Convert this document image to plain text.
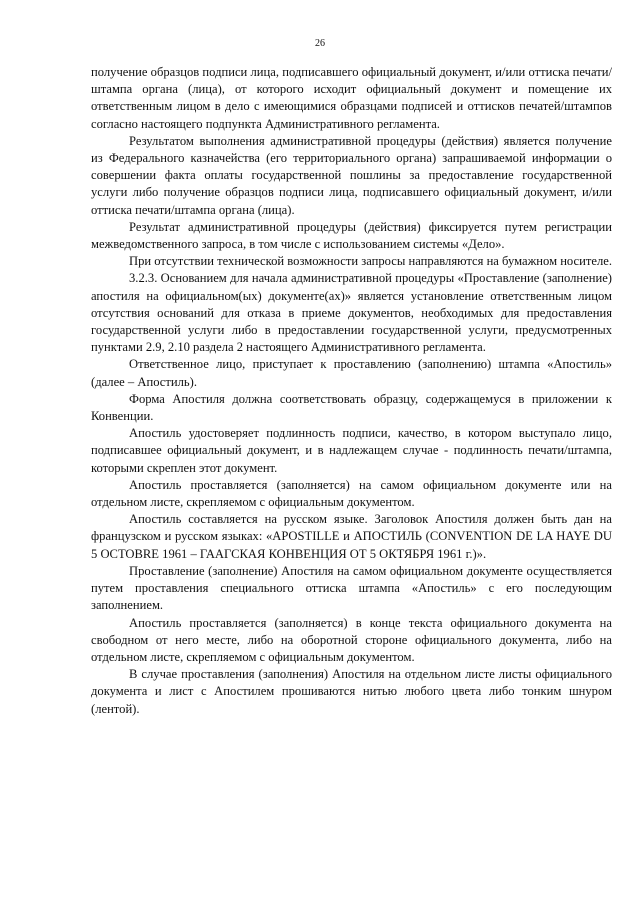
26

получение образцов подписи лица, подписавшего официальный документ, и/или оттиска печати/штампа органа (лица), от которого исходит официальный документ и помещение их ответственным лицом в дело с имеющимися образцами подписей и оттисков печатей/штампов согласно настоящего подпункта Административного регламента.

Результатом выполнения административной процедуры (действия) является получение из Федерального казначейства (его территориального органа) запрашиваемой информации о совершении факта оплаты государственной пошлины за предоставление государственной услуги либо получение образцов подписи лица, подписавшего официальный документ, и/или оттиска печати/штампа органа (лица).

Результат административной процедуры (действия) фиксируется путем регистрации межведомственного запроса, в том числе с использованием системы «Дело».

При отсутствии технической возможности запросы направляются на бумажном носителе.

3.2.3. Основанием для начала административной процедуры «Проставление (заполнение) апостиля на официальном(ых) документе(ах)» является установление ответственным лицом отсутствия оснований для отказа в приеме документов, необходимых для предоставления государственной услуги либо в предоставлении государственной услуги, предусмотренных пунктами 2.9, 2.10 раздела 2 настоящего Административного регламента.

Ответственное лицо, приступает к проставлению (заполнению) штампа «Апостиль» (далее – Апостиль).

Форма Апостиля должна соответствовать образцу, содержащемуся в приложении к Конвенции.

Апостиль удостоверяет подлинность подписи, качество, в котором выступало лицо, подписавшее официальный документ, и в надлежащем случае - подлинность печати/штампа, которыми скреплен этот документ.

Апостиль проставляется (заполняется) на самом официальном документе или на отдельном листе, скрепляемом с официальным документом.

Апостиль составляется на русском языке. Заголовок Апостиля должен быть дан на французском и русском языках: «APOSTILLE и АПОСТИЛЬ (CONVENTION DE LA HAYE DU 5 OCTOBRE 1961 – ГААГСКАЯ КОНВЕНЦИЯ ОТ 5 ОКТЯБРЯ 1961 г.)».

Проставление (заполнение) Апостиля на самом официальном документе осуществляется путем проставления специального оттиска штампа «Апостиль» с его последующим заполнением.

Апостиль проставляется (заполняется) в конце текста официального документа на свободном от него месте, либо на оборотной стороне официального документа, либо на отдельном листе, скрепляемом с официальным документом.

В случае проставления (заполнения) Апостиля на отдельном листе листы официального документа и лист с Апостилем прошиваются нитью любого цвета либо тонким шнуром (лентой).
